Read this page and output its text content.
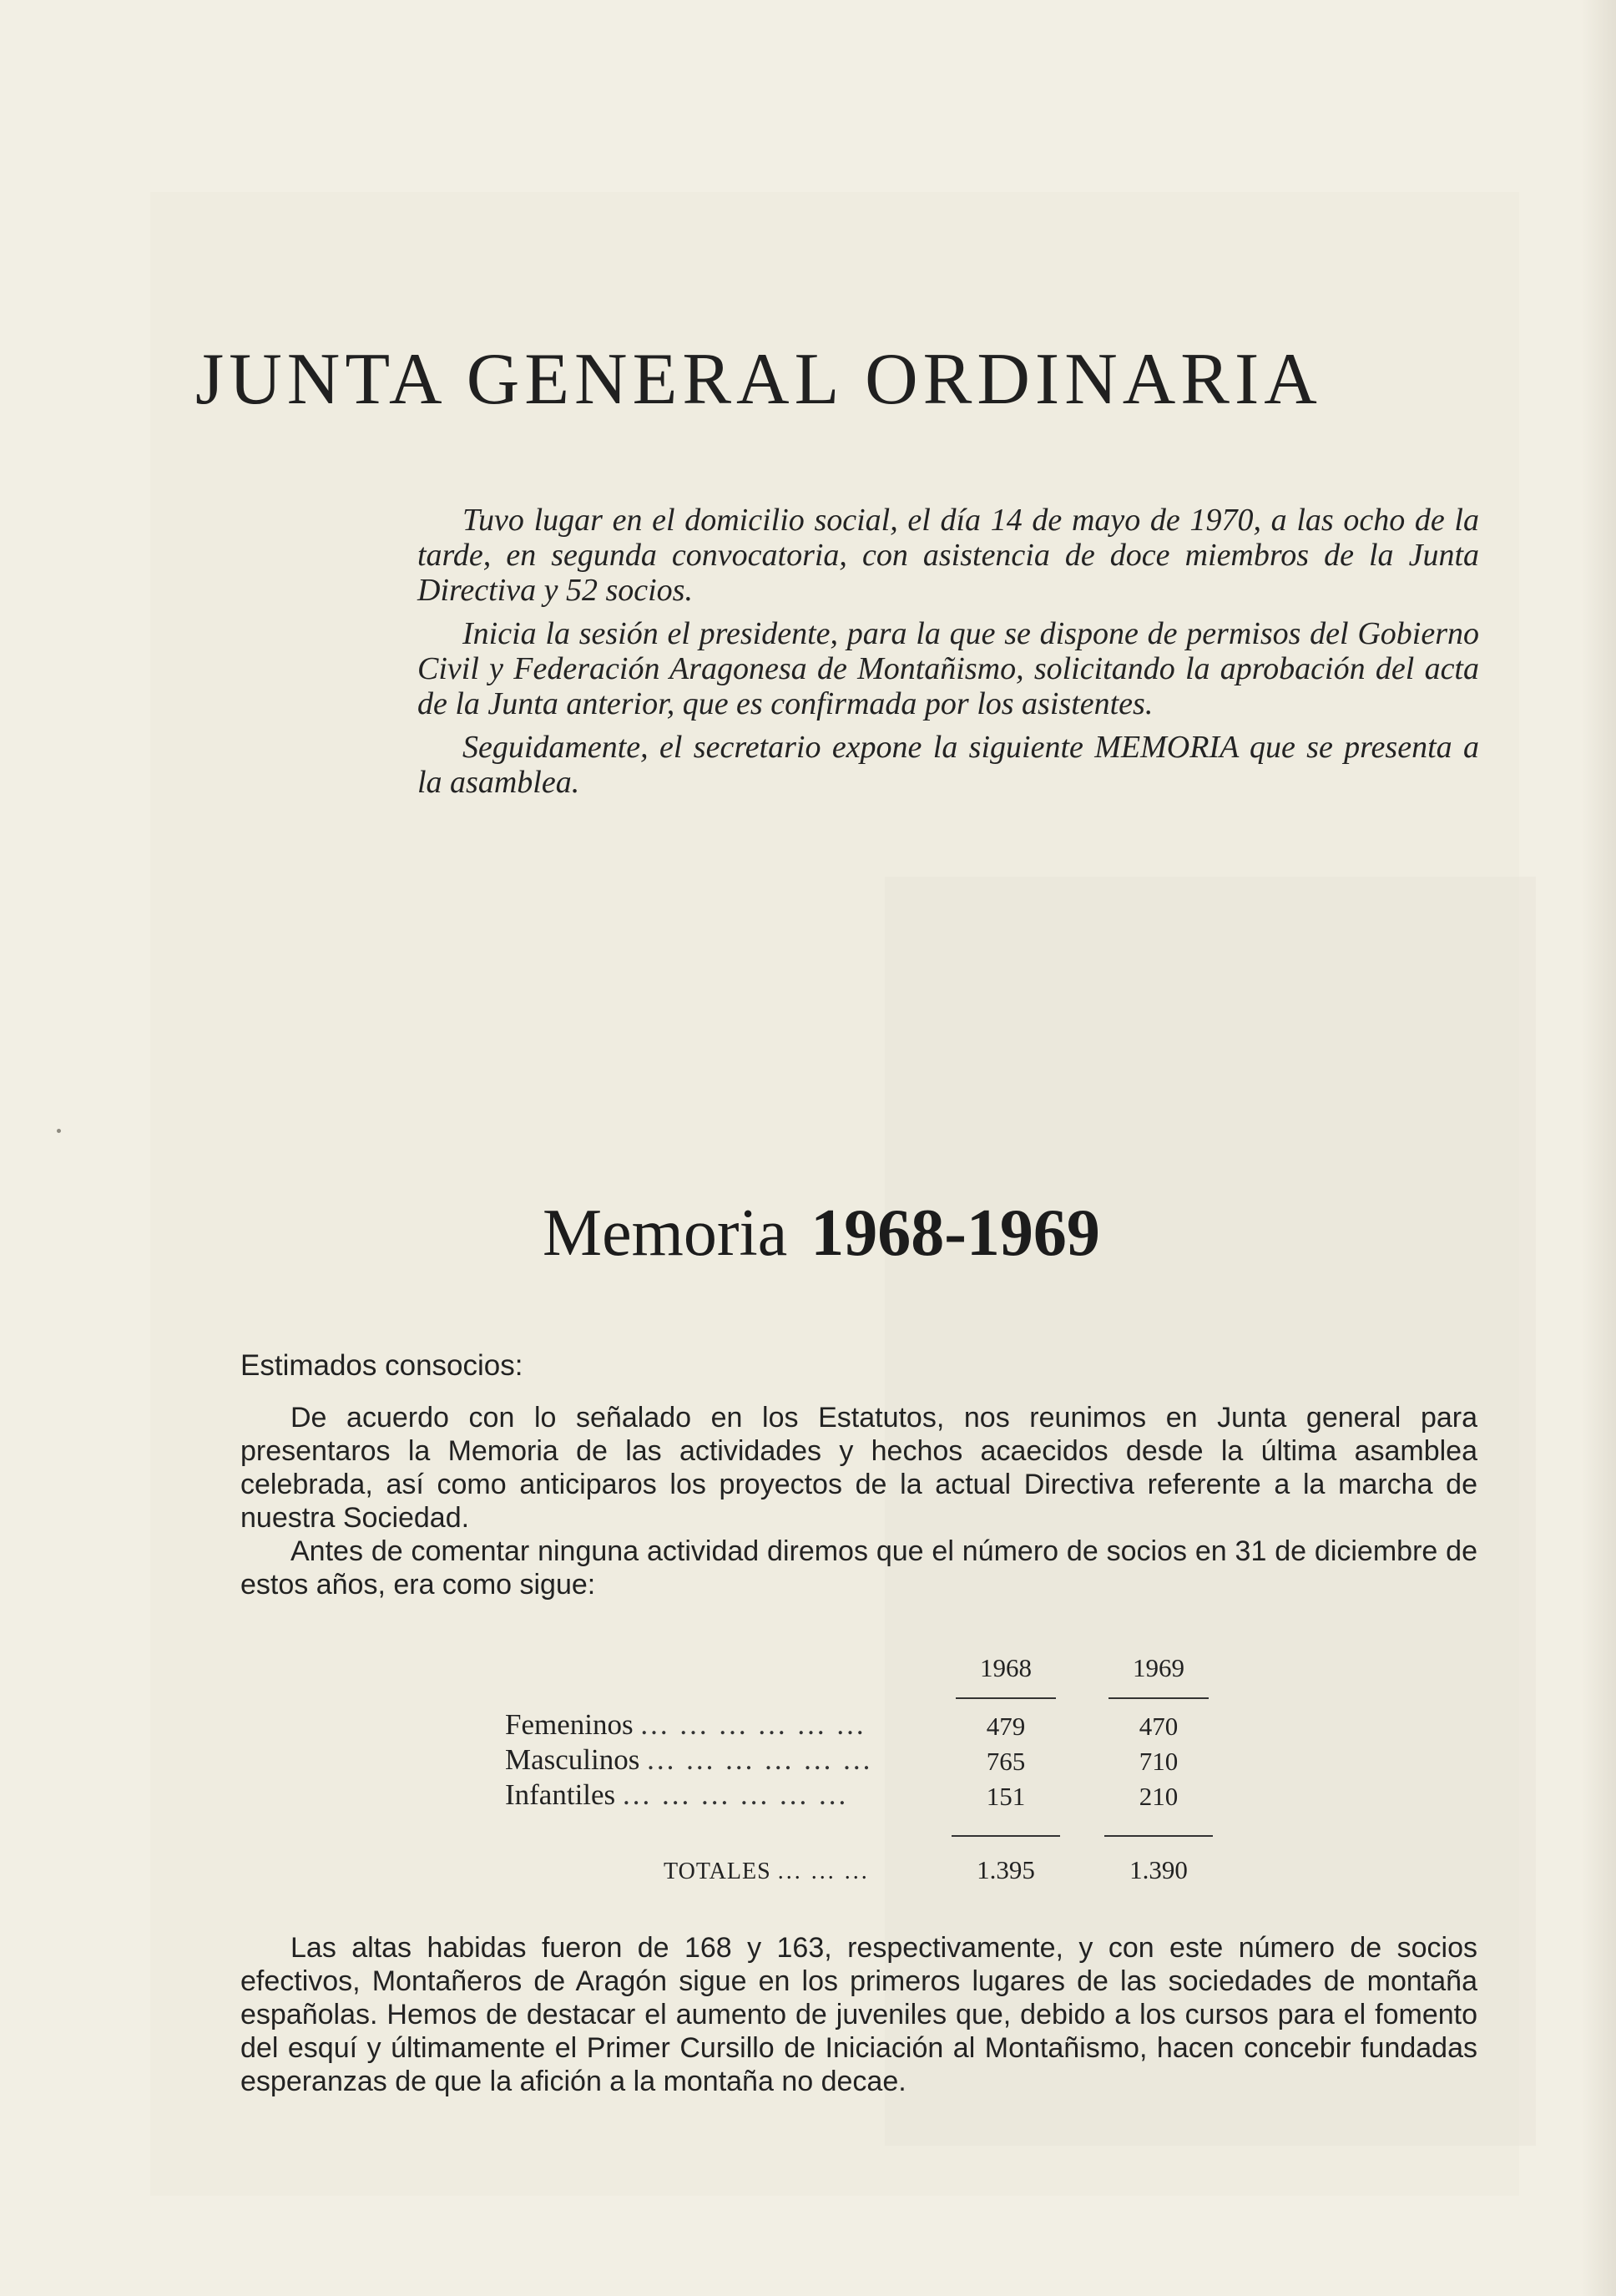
JUNTA GENERAL ORDINARIA

Tuvo lugar en el domicilio social, el día 14 de mayo de 1970, a las ocho de la tarde, en segunda convocatoria, con asistencia de doce miembros de la Junta Directiva y 52 socios.

Inicia la sesión el presidente, para la que se dispone de permisos del Gobierno Civil y Federación Aragonesa de Montañismo, solicitando la aprobación del acta de la Junta anterior, que es confirmada por los asistentes.

Seguidamente, el secretario expone la siguiente MEMORIA que se presenta a la asamblea.

Memoria 1968-1969
Estimados consocios:

De acuerdo con lo señalado en los Estatutos, nos reunimos en Junta general para presentaros la Memoria de las actividades y hechos acaecidos desde la última asamblea celebrada, así como anticiparos los proyectos de la actual Directiva referente a la marcha de nuestra Sociedad.

Antes de comentar ninguna actividad diremos que el número de socios en 31 de diciembre de estos años, era como sigue:

1968	1969
Femeninos ... ... ... ... ... ...	479	470
Masculinos ... ... ... ... ... ...	765	710
Infantiles ... ... ... ... ... ...	151	210
TOTALES ... ... ...	1.395	1.390

Las altas habidas fueron de 168 y 163, respectivamente, y con este número de socios efectivos, Montañeros de Aragón sigue en los primeros lugares de las sociedades de montaña españolas. Hemos de destacar el aumento de juveniles que, debido a los cursos para el fomento del esquí y últimamente el Primer Cursillo de Iniciación al Montañismo, hacen concebir fundadas esperanzas de que la afición a la montaña no decae.
